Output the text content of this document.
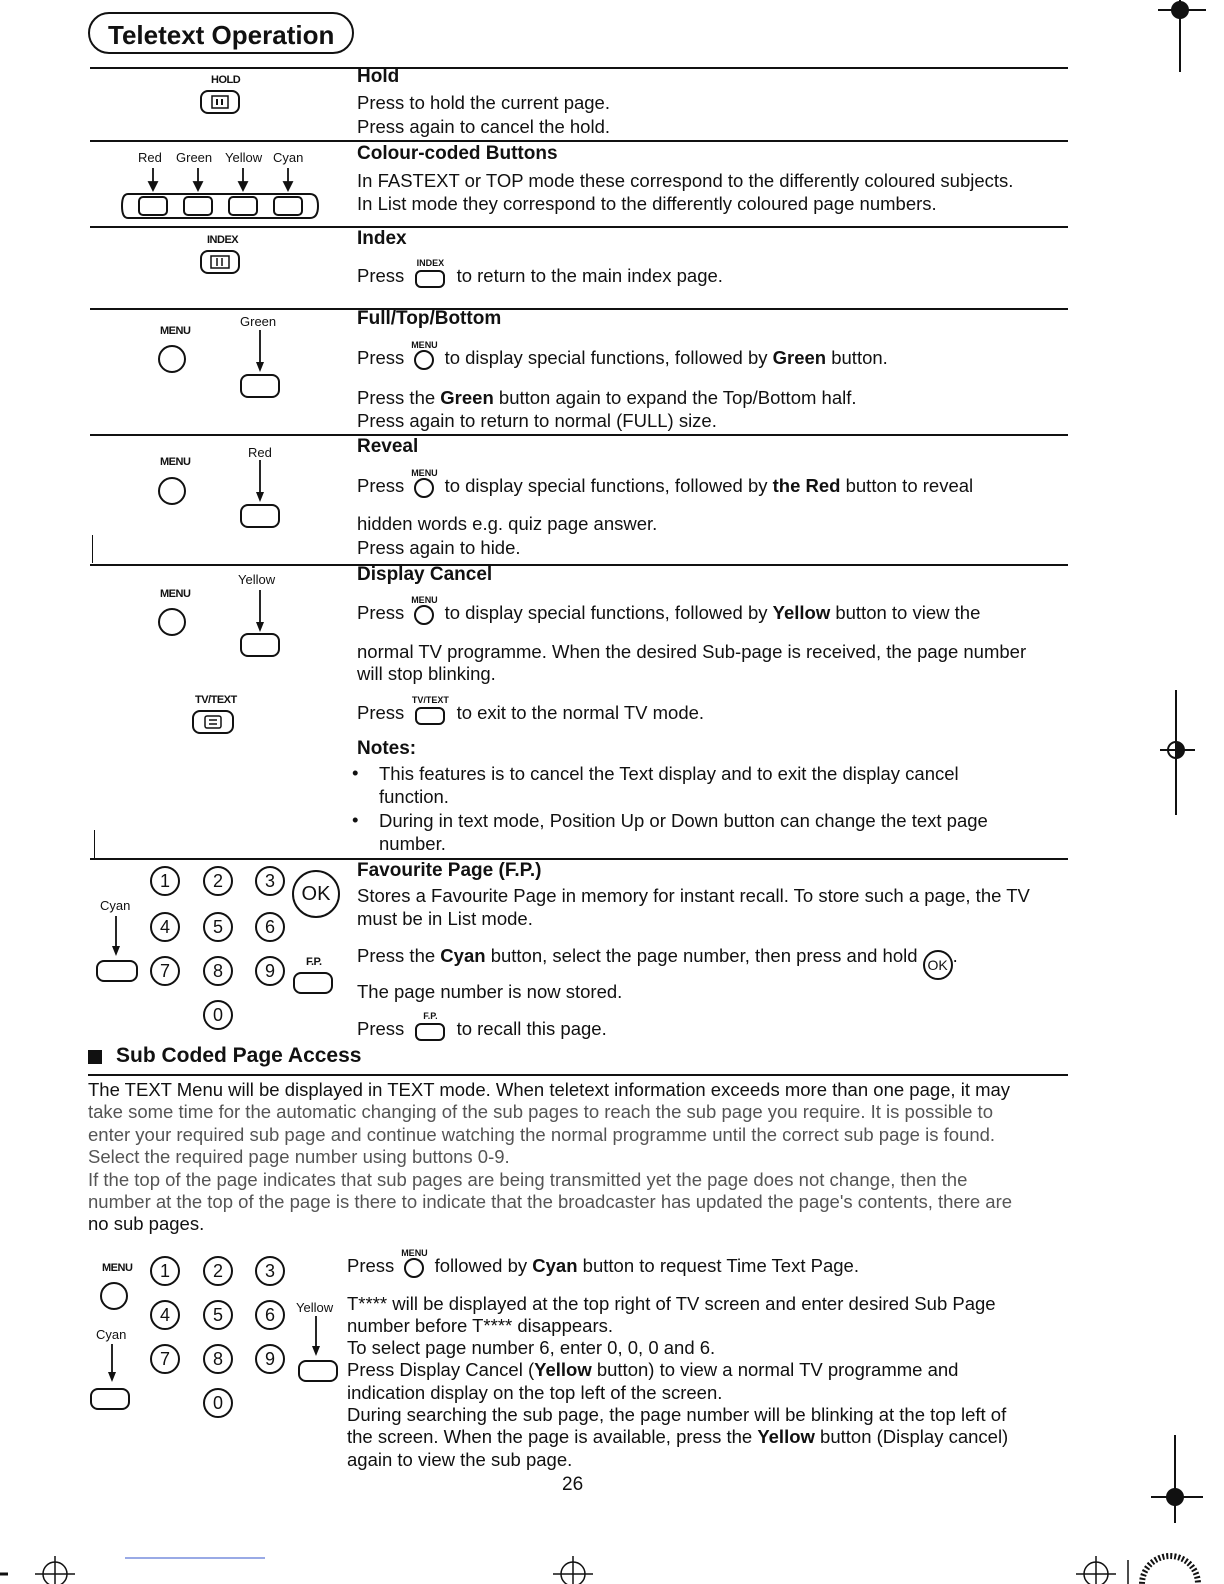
Teletext Operation
HOLD	Hold
Press to hold the current page.
Press again to cancel the hold.
Red Green Yellow Cyan	Colour-coded Buttons
In FASTEXT or TOP mode these correspond to the differently coloured subjects.
In List mode they correspond to the differently coloured page numbers.
INDEX	Index
Press
INDEX
to return to the main index page.
MENU
Green	Full/Top/Bottom
Press
MENU
to display special functions, followed by Green button.
Press the Green button again to expand the Top/Bottom half.
Press again to return to normal (FULL) size.
MENU
Red	Reveal
Press
MENU
to display special functions, followed by the Red button to reveal
hidden words e.g. quiz page answer.
Press again to hide.
MENU
Yellow	Display Cancel
Press
MENU
to display special functions, followed by Yellow button to view the
normal TV programme. When the desired Sub-page is received, the page number
will stop blinking.
TV/TEXT
Press
TV/TEXT
to exit to the normal TV mode.
Notes:
• This features is to cancel the Text display and to exit the display cancel
function.
• During in text mode, Position Up or Down button can change the text page
number.
1	2	3
OK
Cyan
4	5	6
7	8	9	F.P.
0
Favourite Page (F.P.)
Stores a Favourite Page in memory for instant recall. To store such a page, the TV
must be in List mode.
Press the Cyan button, select the page number, then press and hold OK .
The page number is now stored.
Press
F.P.
to recall this page.
Sub Coded Page Access
The TEXT Menu will be displayed in TEXT mode. When teletext information exceeds more than one page, it may
take some time for the automatic changing of the sub pages to reach the sub page you require. It is possible to
enter your required sub page and continue watching the normal programme until the correct sub page is found.
Select the required page number using buttons 0-9.
If the top of the page indicates that sub pages are being transmitted yet the page does not change, then the
number at the top of the page is there to indicate that the broadcaster has updated the page's contents, there are
no sub pages.
MENU	1	2	3
4	5	6
Cyan
7	8	9
0
Yellow
Press
MENU
followed by Cyan button to request Time Text Page.
T**** will be displayed at the top right of TV screen and enter desired Sub Page
number before T**** disappears.
To select page number 6, enter 0, 0, 0 and 6.
Press Display Cancel (Yellow button) to view a normal TV programme and
indication display on the top left of the screen.
During searching the sub page, the page number will be blinking at the top left of
the screen. When the page is available, press the Yellow button (Display cancel)
again to view the sub page.
26
